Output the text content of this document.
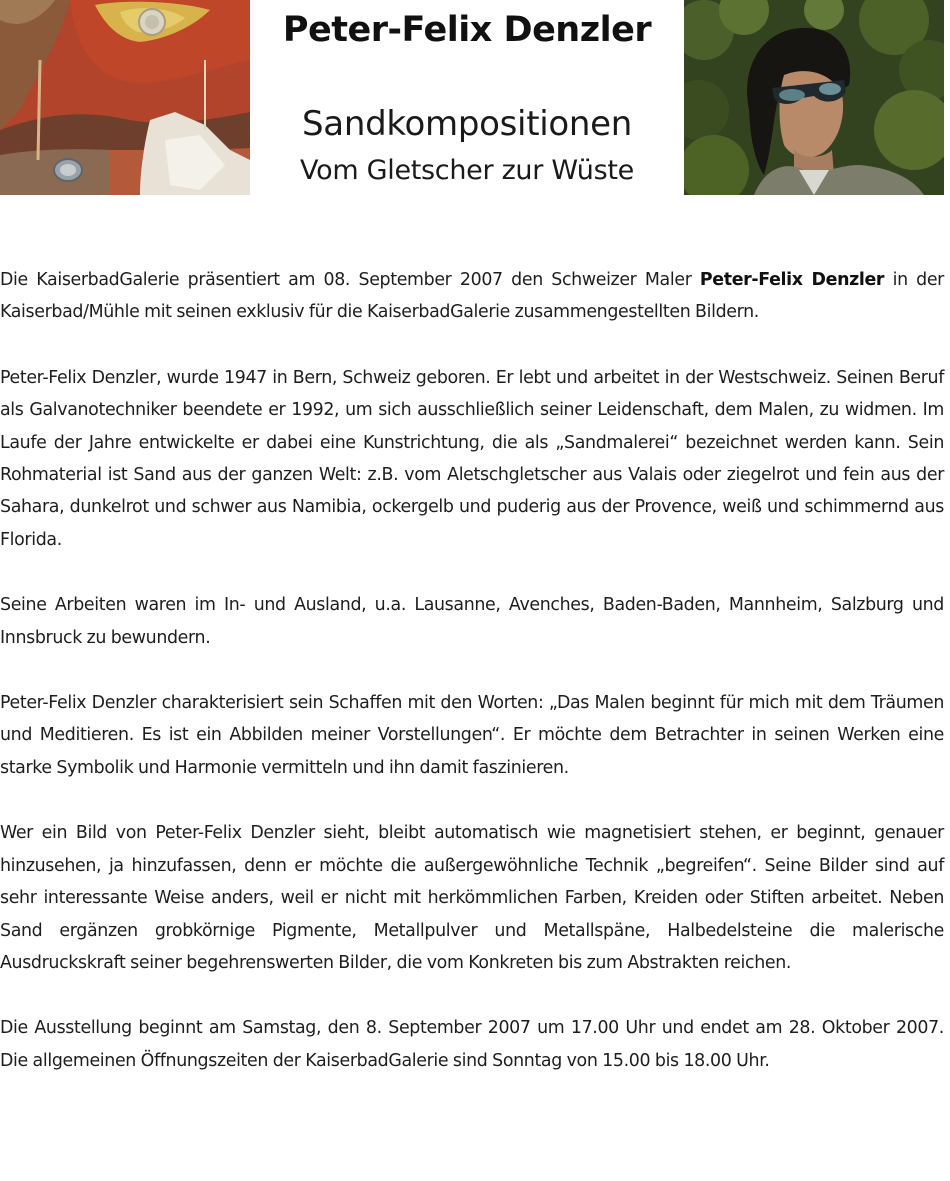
Peter-Felix Denzler
Sandkompositionen
Vom Gletscher zur Wüste

Die KaiserbadGalerie präsentiert am 08. September 2007 den Schweizer Maler Peter-Felix Denzler in der Kaiserbad/Mühle mit seinen exklusiv für die KaiserbadGalerie zusammengestellten Bildern.

Peter-Felix Denzler, wurde 1947 in Bern, Schweiz geboren. Er lebt und arbeitet in der Westschweiz. Seinen Beruf als Galvanotechniker beendete er 1992, um sich ausschließlich seiner Leidenschaft, dem Malen, zu widmen. Im Laufe der Jahre entwickelte er dabei eine Kunstrichtung, die als „Sandmalerei“ bezeichnet werden kann. Sein Rohmaterial ist Sand aus der ganzen Welt: z.B. vom Aletschgletscher aus Valais oder ziegelrot und fein aus der Sahara, dunkelrot und schwer aus Namibia, ockergelb und puderig aus der Provence, weiß und schimmernd aus Florida.

Seine Arbeiten waren im In- und Ausland, u.a. Lausanne, Avenches, Baden-Baden, Mannheim, Salzburg und Innsbruck zu bewundern.

Peter-Felix Denzler charakterisiert sein Schaffen mit den Worten: „Das Malen beginnt für mich mit dem Träumen und Meditieren. Es ist ein Abbilden meiner Vorstellungen“. Er möchte dem Betrachter in seinen Werken eine starke Symbolik und Harmonie vermitteln und ihn damit faszinieren.

Wer ein Bild von Peter-Felix Denzler sieht, bleibt automatisch wie magnetisiert stehen, er beginnt, genauer hinzusehen, ja hinzufassen, denn er möchte die außergewöhnliche Technik „begreifen“. Seine Bilder sind auf sehr interessante Weise anders, weil er nicht mit herkömmlichen Farben, Kreiden oder Stiften arbeitet. Neben Sand ergänzen grobkörnige Pigmente, Metallpulver und Metallspäne, Halbedelsteine die malerische Ausdruckskraft seiner begehrenswerten Bilder, die vom Konkreten bis zum Abstrakten reichen.

Die Ausstellung beginnt am Samstag, den 8. September 2007 um 17.00 Uhr und endet am 28. Oktober 2007. Die allgemeinen Öffnungszeiten der KaiserbadGalerie sind Sonntag von 15.00 bis 18.00 Uhr.
